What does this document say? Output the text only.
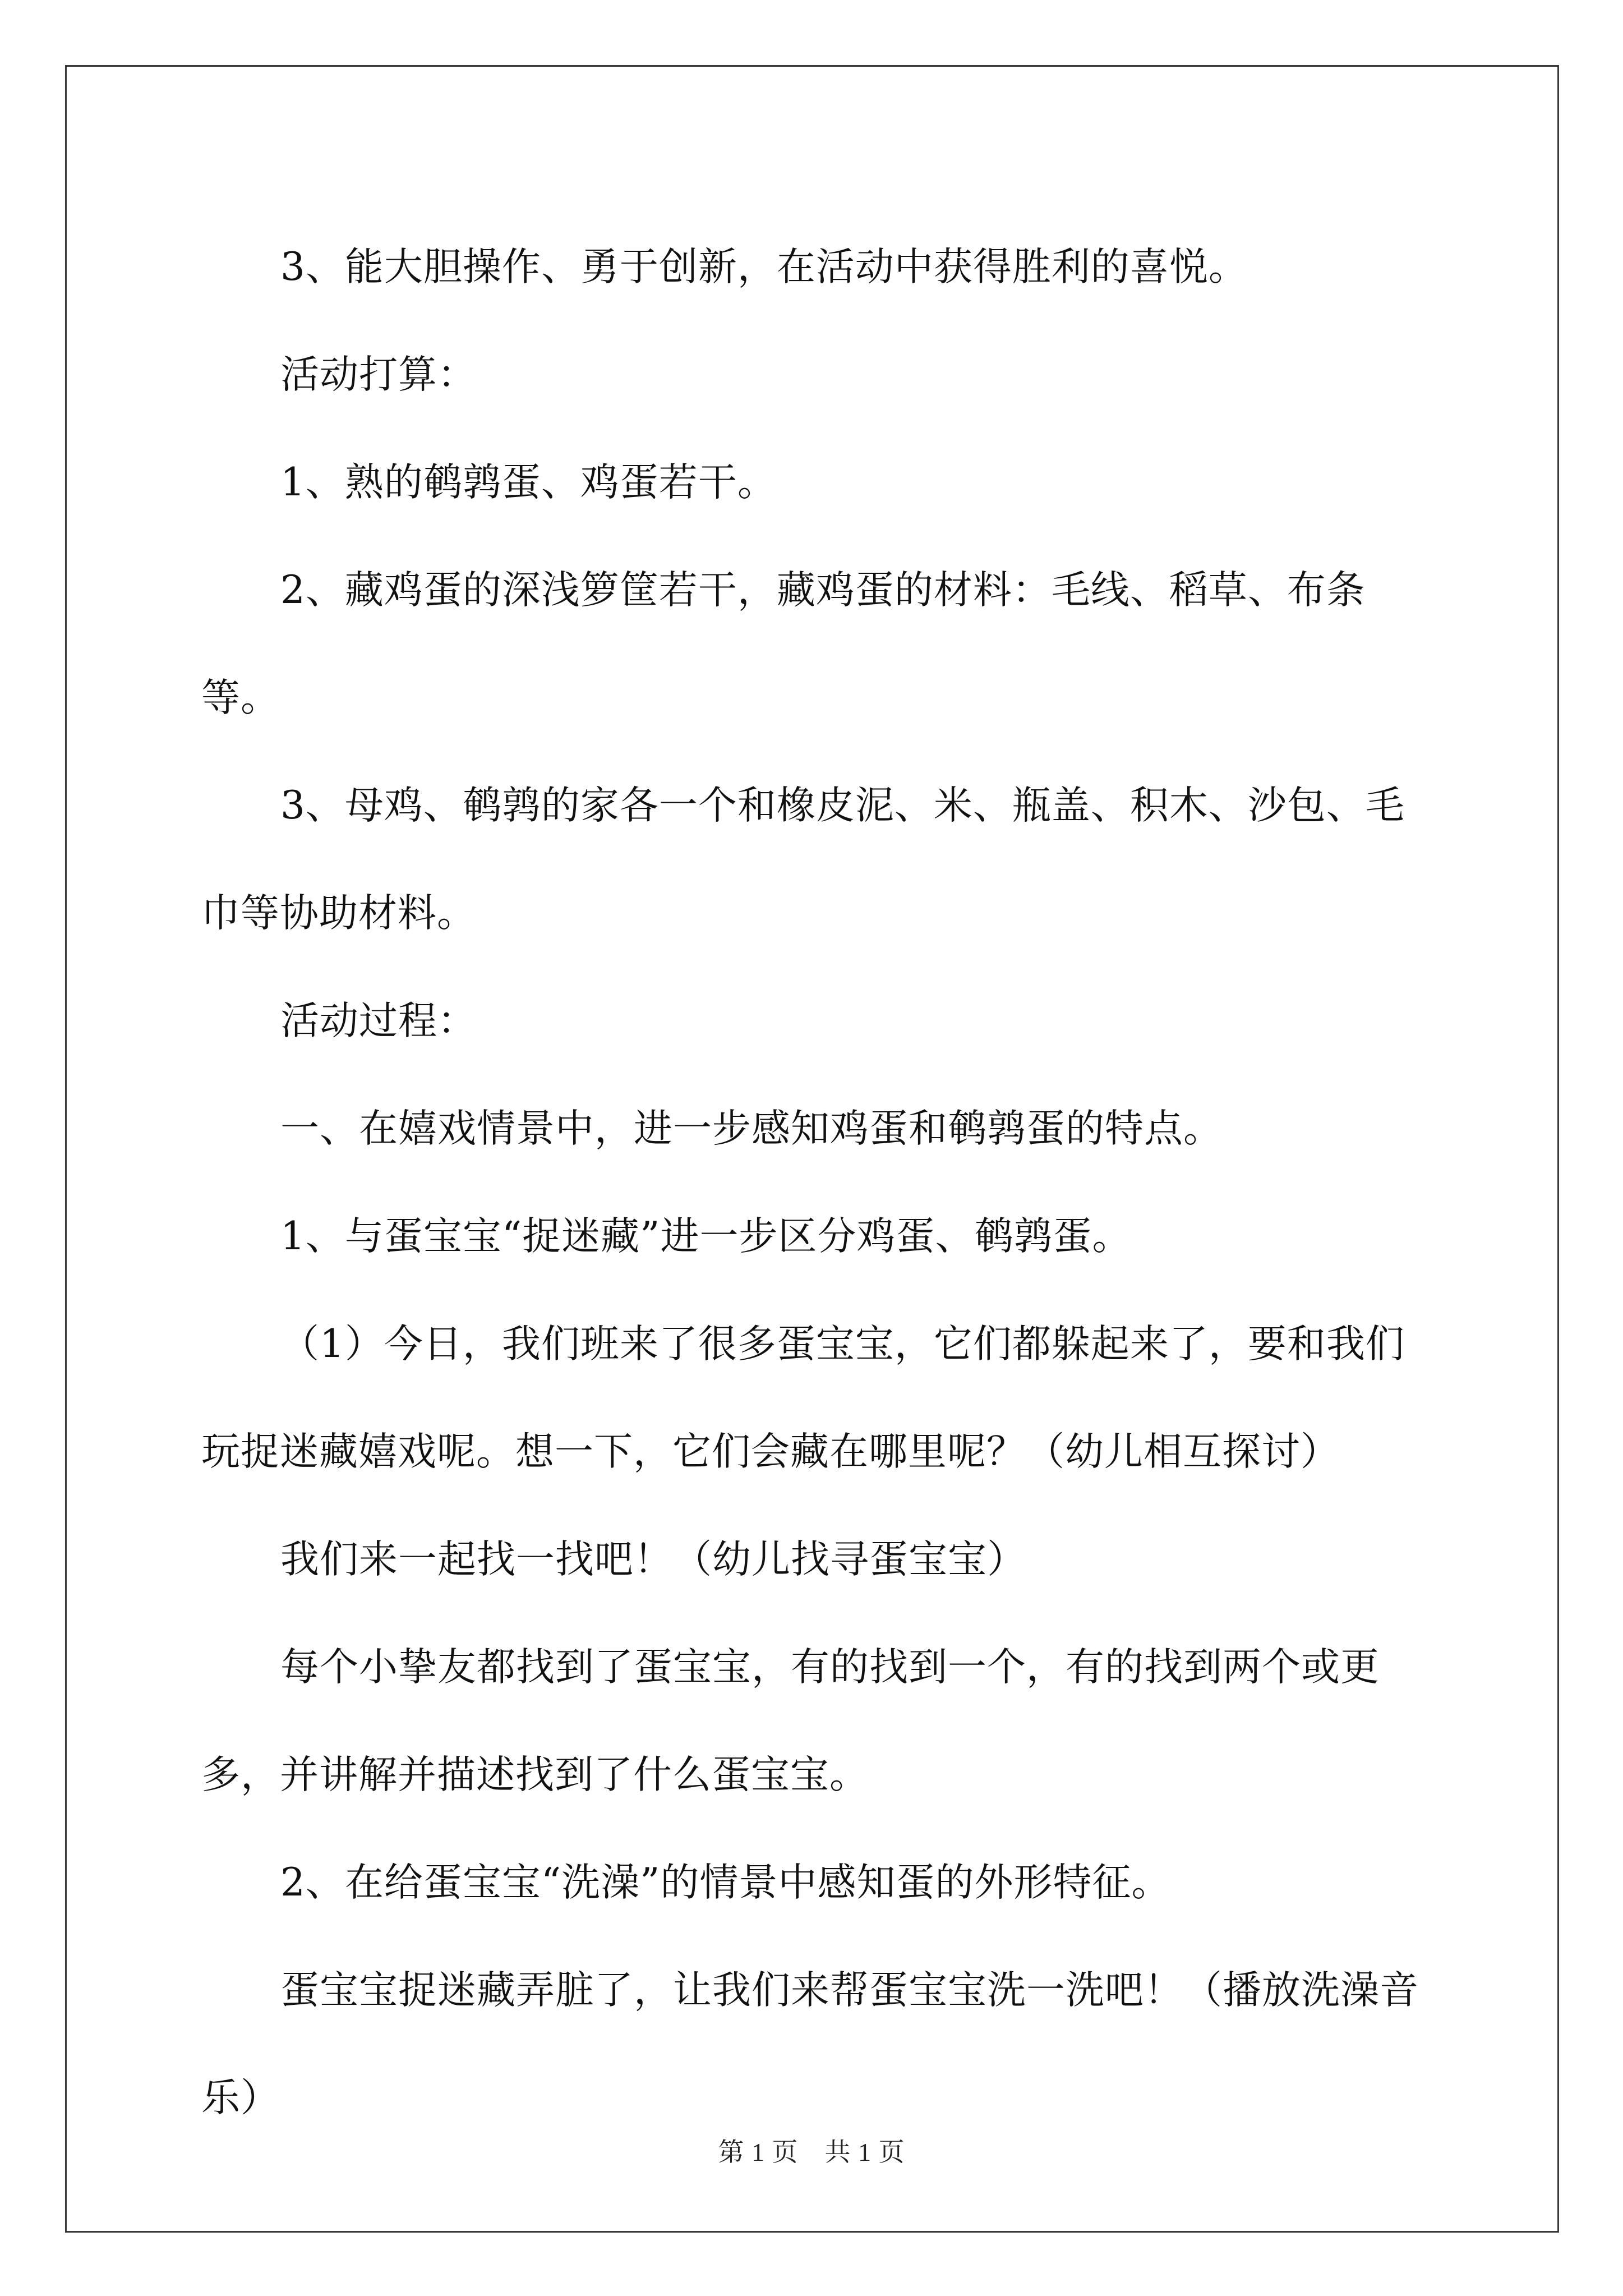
3、能大胆操作、勇于创新，在活动中获得胜利的喜悦。

活动打算：

1、熟的鹌鹑蛋、鸡蛋若干。

2、藏鸡蛋的深浅箩筐若干，藏鸡蛋的材料：毛线、稻草、布条等。

3、母鸡、鹌鹑的家各一个和橡皮泥、米、瓶盖、积木、沙包、毛巾等协助材料。

活动过程：

一、在嬉戏情景中，进一步感知鸡蛋和鹌鹑蛋的特点。

1、与蛋宝宝“捉迷藏”进一步区分鸡蛋、鹌鹑蛋。

（1）今日，我们班来了很多蛋宝宝，它们都躲起来了，要和我们玩捉迷藏嬉戏呢。想一下，它们会藏在哪里呢？（幼儿相互探讨）

我们来一起找一找吧！（幼儿找寻蛋宝宝）

每个小挚友都找到了蛋宝宝，有的找到一个，有的找到两个或更多，并讲解并描述找到了什么蛋宝宝。

2、在给蛋宝宝“洗澡”的情景中感知蛋的外形特征。

蛋宝宝捉迷藏弄脏了，让我们来帮蛋宝宝洗一洗吧！（播放洗澡音乐）

第 1 页　共 1 页
